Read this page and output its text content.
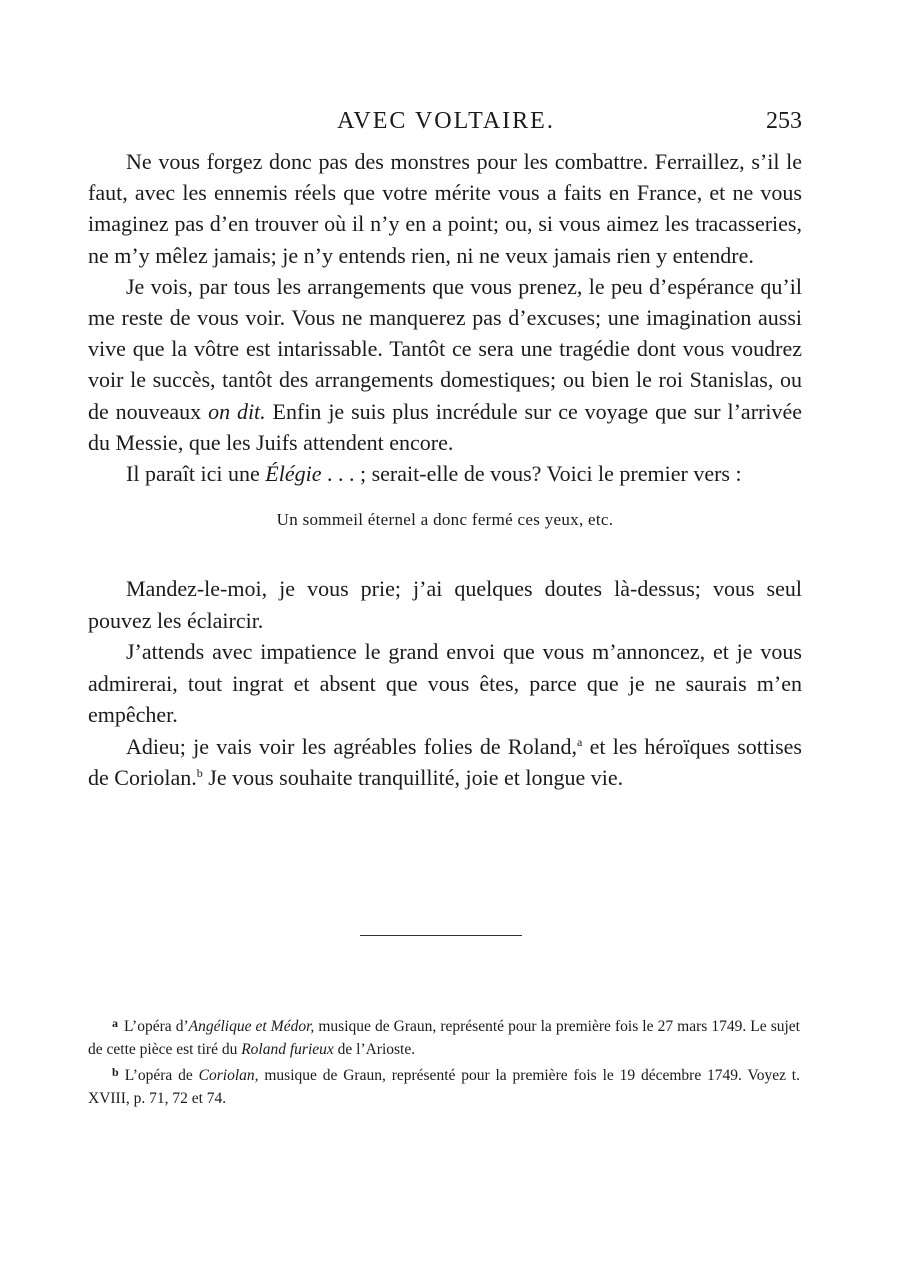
AVEC VOLTAIRE.	253

Ne vous forgez donc pas des monstres pour les combattre. Ferraillez, s’il le faut, avec les ennemis réels que votre mérite vous a faits en France, et ne vous imaginez pas d’en trouver où il n’y en a point; ou, si vous aimez les tracasseries, ne m’y mêlez jamais; je n’y entends rien, ni ne veux jamais rien y entendre.

Je vois, par tous les arrangements que vous prenez, le peu d’espérance qu’il me reste de vous voir. Vous ne manquerez pas d’excuses; une imagination aussi vive que la vôtre est intarissable. Tantôt ce sera une tragédie dont vous voudrez voir le succès, tantôt des arrangements domestiques; ou bien le roi Stanislas, ou de nouveaux on dit. Enfin je suis plus incrédule sur ce voyage que sur l’arrivée du Messie, que les Juifs attendent encore.

Il paraît ici une Élégie . . . ; serait-elle de vous? Voici le premier vers :

Un sommeil éternel a donc fermé ces yeux, etc.

Mandez-le-moi, je vous prie; j’ai quelques doutes là-dessus; vous seul pouvez les éclaircir.

J’attends avec impatience le grand envoi que vous m’annoncez, et je vous admirerai, tout ingrat et absent que vous êtes, parce que je ne saurais m’en empêcher.

Adieu; je vais voir les agréables folies de Roland,$^a$ et les héroïques sottises de Coriolan.$^b$ Je vous souhaite tranquillité, joie et longue vie.

$^a$ L’opéra d’Angélique et Médor, musique de Graun, représenté pour la première fois le 27 mars 1749. Le sujet de cette pièce est tiré du Roland furieux de l’Arioste.

$^b$ L’opéra de Coriolan, musique de Graun, représenté pour la première fois le 19 décembre 1749. Voyez t. XVIII, p. 71, 72 et 74.
